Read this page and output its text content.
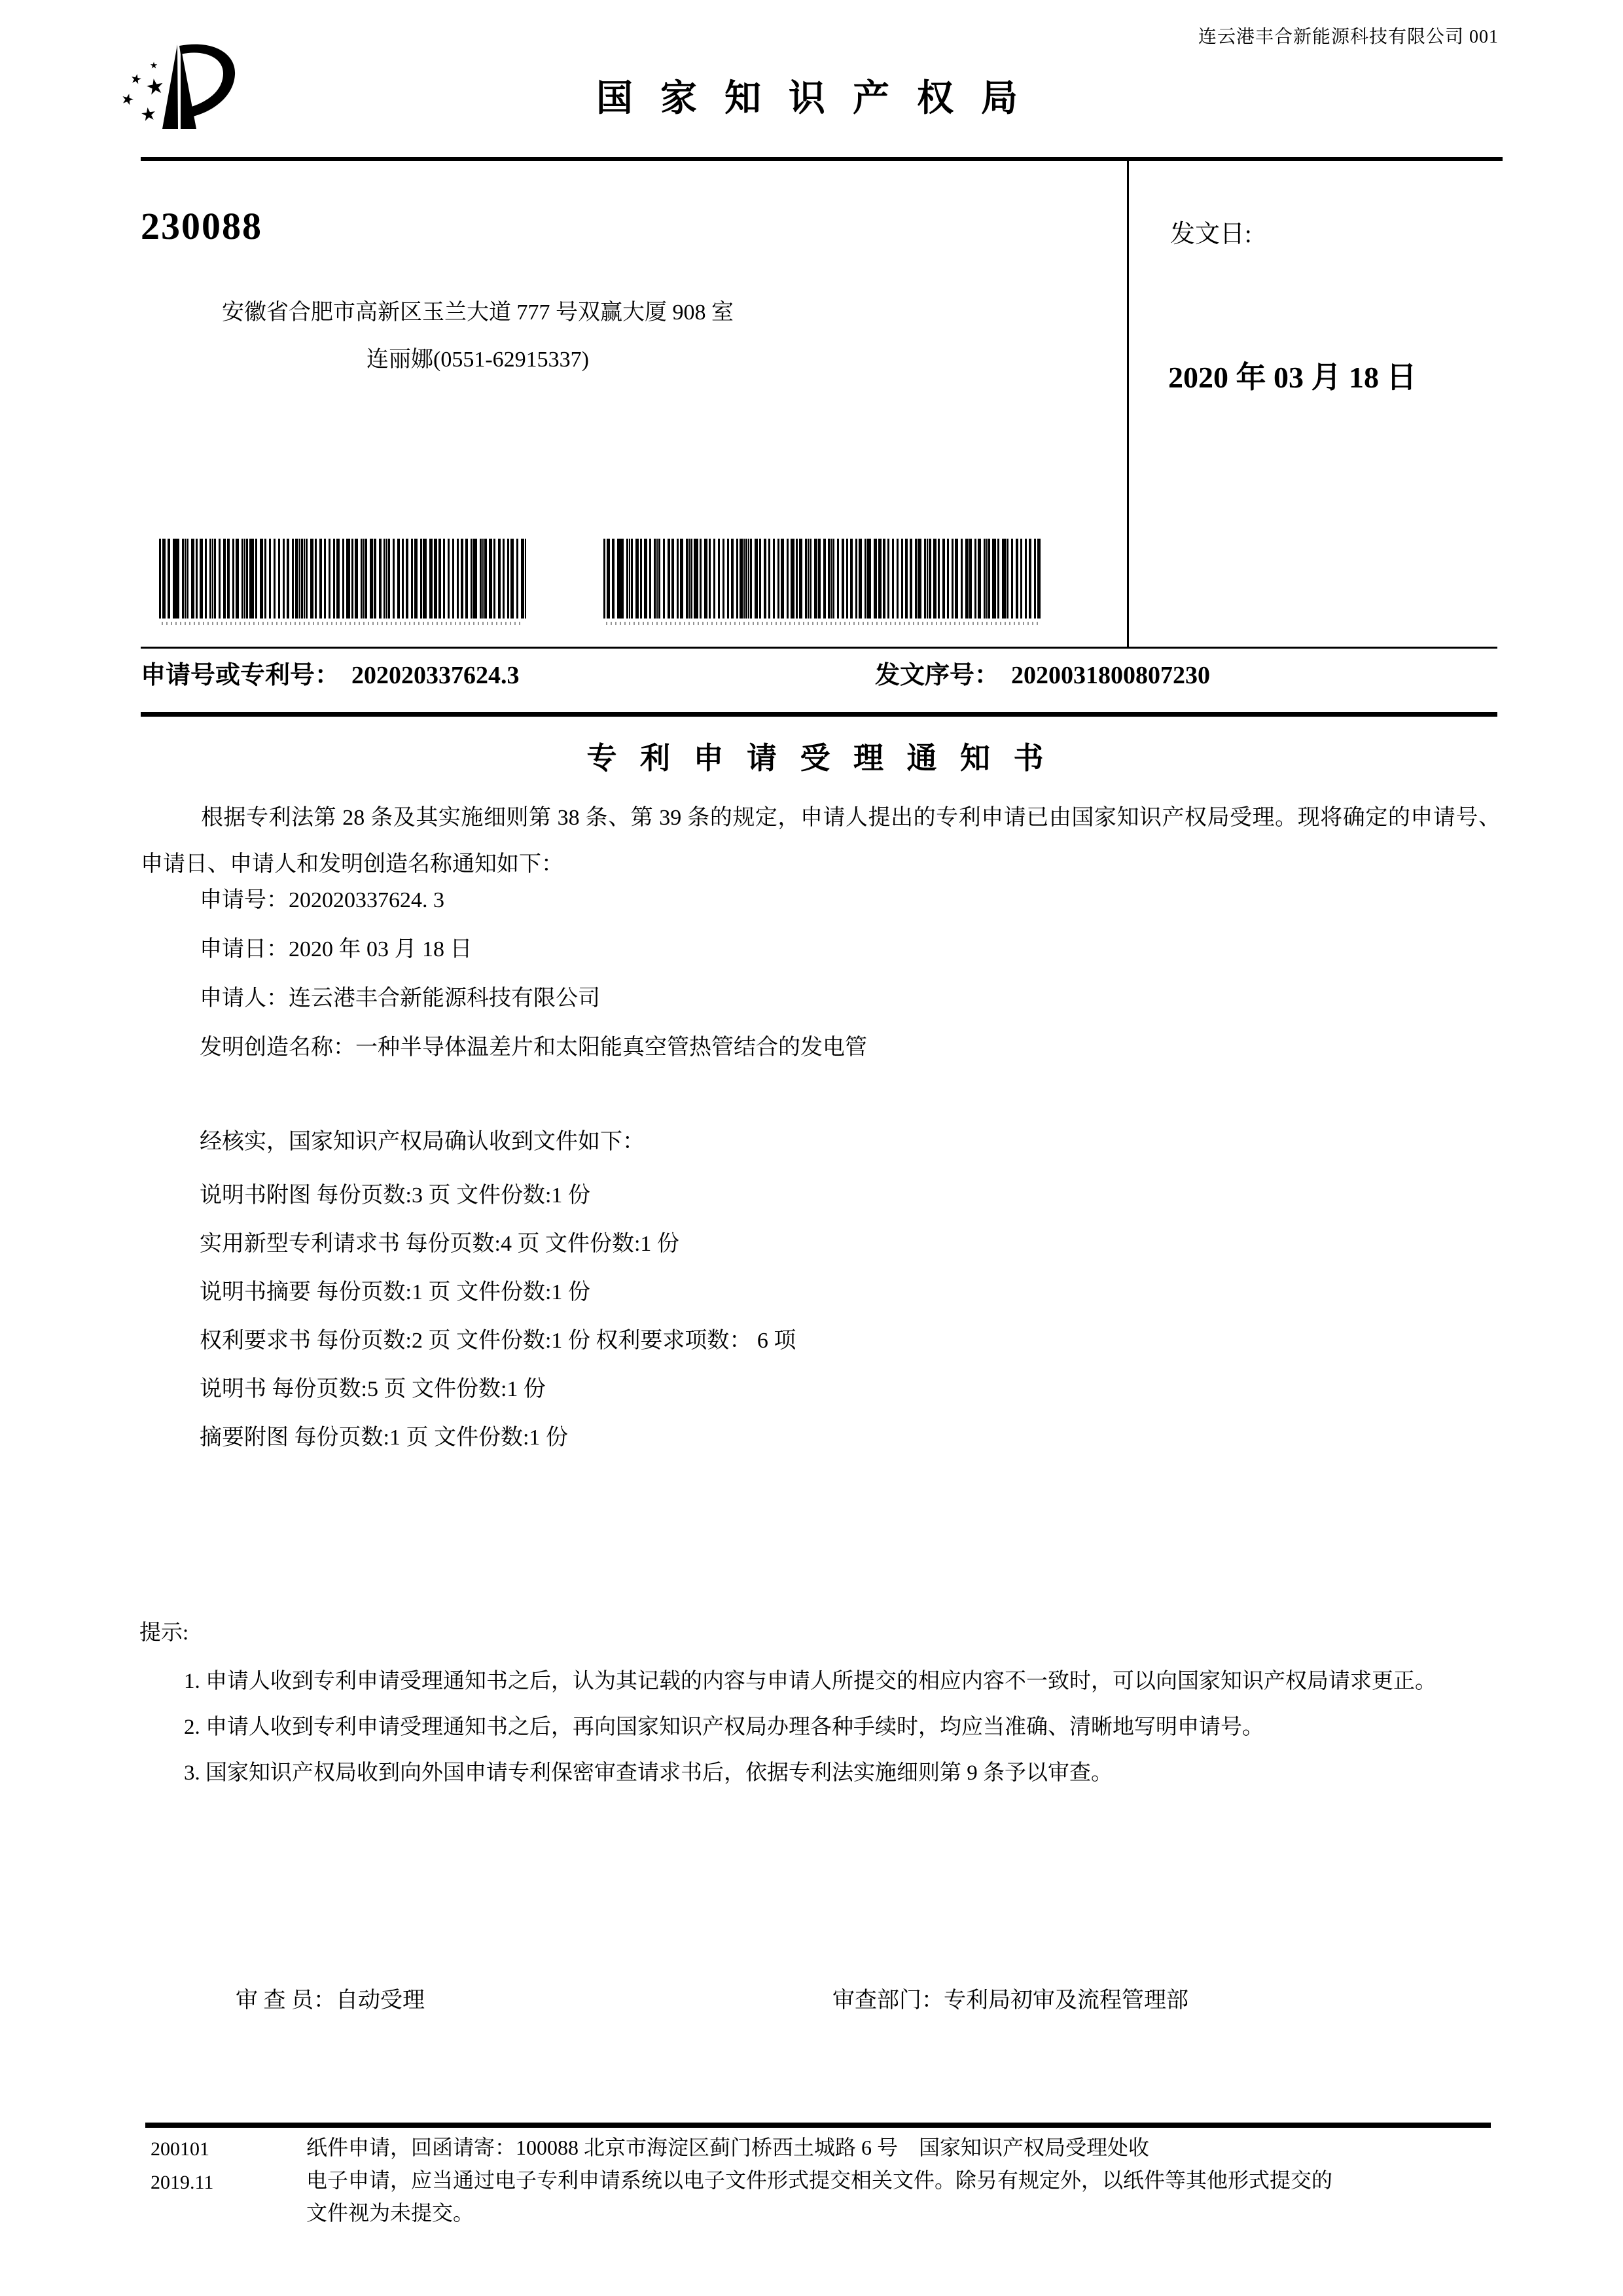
连云港丰合新能源科技有限公司 001
国 家 知 识 产 权 局
230088
安徽省合肥市高新区玉兰大道 777 号双赢大厦 908 室
连丽娜(0551-62915337)
发文日:
2020 年 03 月 18 日
申请号或专利号： 202020337624.3	发文序号： 2020031800807230
专 利 申 请 受 理 通 知 书

根据专利法第 28 条及其实施细则第 38 条、第 39 条的规定，申请人提出的专利申请已由国家知识产权局受理。现将确定的申请号、申请日、申请人和发明创造名称通知如下：

申请号：202020337624. 3
申请日：2020 年 03 月 18 日
申请人：连云港丰合新能源科技有限公司
发明创造名称：一种半导体温差片和太阳能真空管热管结合的发电管
经核实，国家知识产权局确认收到文件如下：
说明书附图 每份页数:3 页 文件份数:1 份
实用新型专利请求书 每份页数:4 页 文件份数:1 份
说明书摘要 每份页数:1 页 文件份数:1 份
权利要求书 每份页数:2 页 文件份数:1 份 权利要求项数： 6 项
说明书 每份页数:5 页 文件份数:1 份
摘要附图 每份页数:1 页 文件份数:1 份
提示:

1. 申请人收到专利申请受理通知书之后，认为其记载的内容与申请人所提交的相应内容不一致时，可以向国家知识产权局请求更正。

2. 申请人收到专利申请受理通知书之后，再向国家知识产权局办理各种手续时，均应当准确、清晰地写明申请号。

3. 国家知识产权局收到向外国申请专利保密审查请求书后，依据专利法实施细则第 9 条予以审查。

审 查 员：自动受理	审查部门：专利局初审及流程管理部
200101
2019.11

纸件申请，回函请寄：100088 北京市海淀区蓟门桥西土城路 6 号　国家知识产权局受理处收

电子申请，应当通过电子专利申请系统以电子文件形式提交相关文件。除另有规定外，以纸件等其他形式提交的

文件视为未提交。
